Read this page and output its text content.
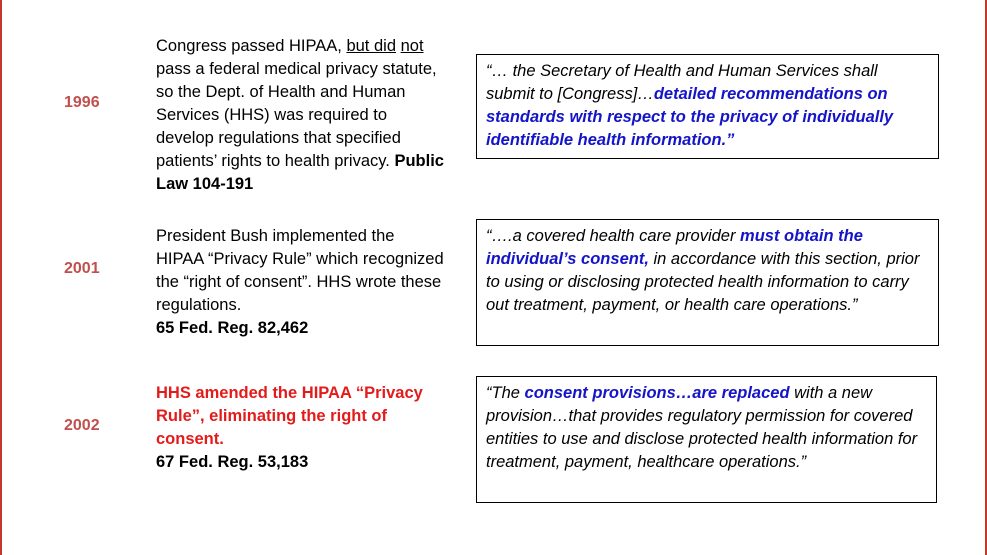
1996
Congress passed HIPAA, but did not pass a federal medical privacy statute, so the Dept. of Health and Human Services (HHS) was required to develop regulations that specified patients’ rights to health privacy. Public Law 104-191
“… the Secretary of Health and Human Services shall submit to [Congress]…detailed recommendations on standards with respect to the privacy of individually identifiable health information.”
2001
President Bush implemented the HIPAA “Privacy Rule” which recognized the “right of consent”. HHS wrote these regulations.
65 Fed. Reg. 82,462
“….a covered health care provider must obtain the individual’s consent, in accordance with this section, prior to using or disclosing protected health information to carry out treatment, payment, or health care operations.”
2002
HHS amended the HIPAA “Privacy Rule”, eliminating the right of consent.
67 Fed. Reg. 53,183
“The consent provisions…are replaced with a new provision…that provides regulatory permission for covered entities to use and disclose protected health information for treatment, payment, healthcare operations.”
